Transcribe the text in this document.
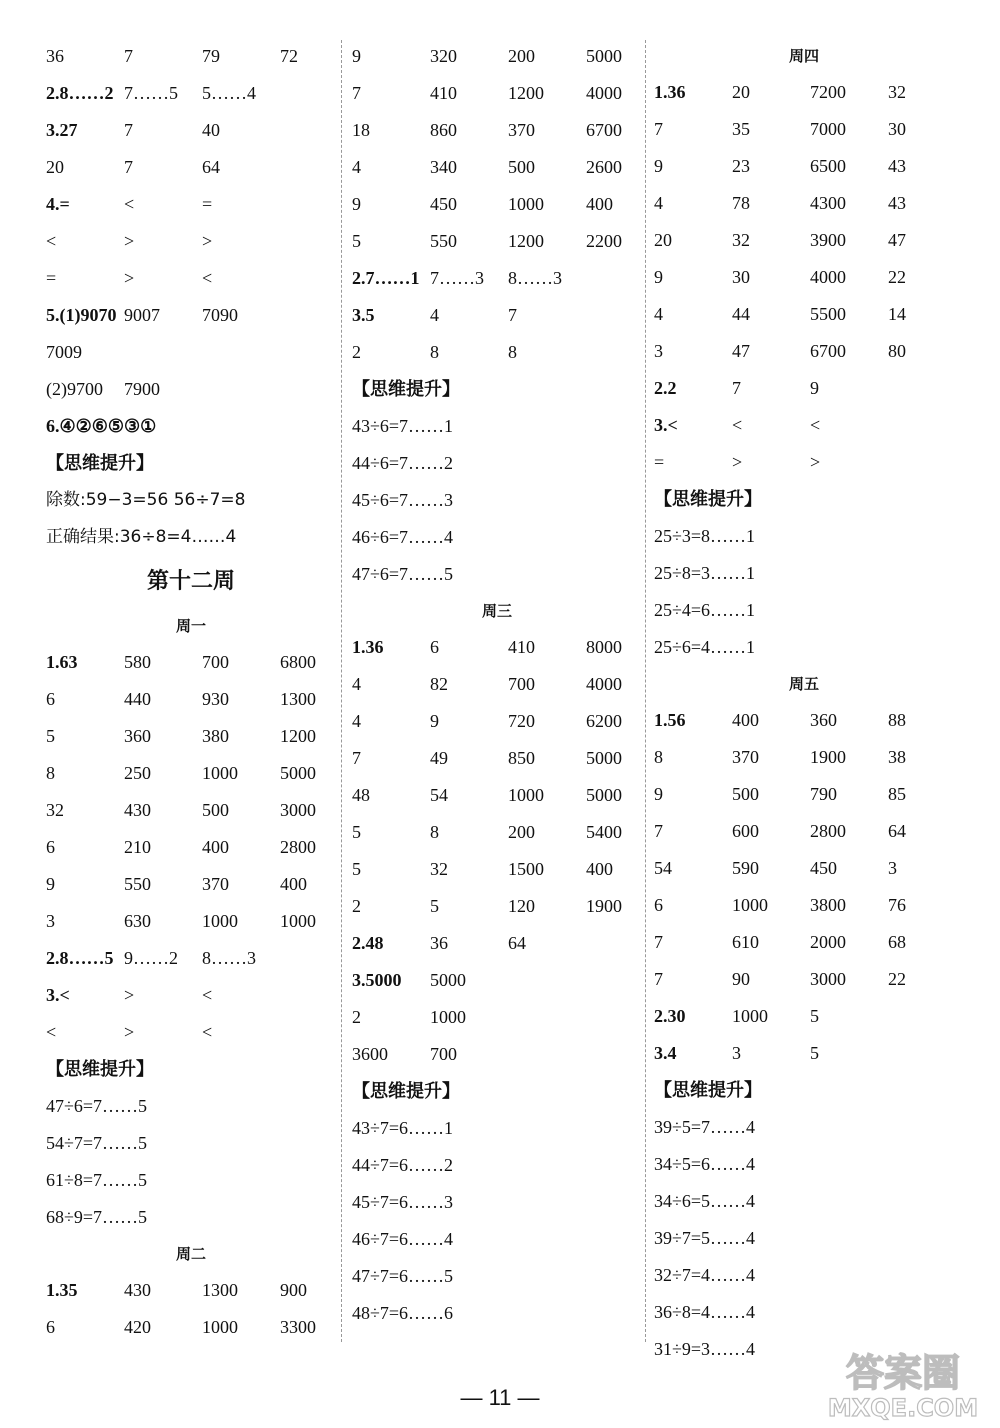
36	7	79	72
2.8……2 7……5 5……4
3.27	7	40
20	7	64
4.=	<	=
<	>	>
=	>	<
5.(1)9070 9007 7090
7009
(2)9700 7900
6.④②⑥⑤③①
【思维提升】
除数:59−3=56 56÷7=8
正确结果:36÷8=4……4
第十二周
周一
1.63	580	700	6800
6	440	930	1300
5	360	380	1200
8	250	1000 5000
32	430	500	3000
6	210	400	2800
9	550	370	400
3	630	1000 1000
2.8……5 9……2 8……3
3.<	>	<
<	>	<
【思维提升】
47÷6=7……5
54÷7=7……5
61÷8=7……5
68÷9=7……5
周二
1.35	430	1300 900
6	420	1000 3300
9	320	200	5000
7	410	1200 4000
18	860	370	6700
4	340	500	2600
9	450	1000 400
5	550	1200 2200
2.7……1 7……3 8……3
3.5	4	7
2	8	8
【思维提升】
43÷6=7……1
44÷6=7……2
45÷6=7……3
46÷6=7……4
47÷6=7……5
周三
1.36	6	410	8000
4	82	700	4000
4	9	720	6200
7	49	850	5000
48	54	1000 5000
5	8	200	5400
5	32	1500 400
2	5	120	1900
2.48	36	64
3.5000 5000
2	1000
3600 700
【思维提升】
43÷7=6……1
44÷7=6……2
45÷7=6……3
46÷7=6……4
47÷7=6……5
48÷7=6……6
周四
1.36	20	7200 32
7	35	7000 30
9	23	6500 43
4	78	4300 43
20	32	3900 47
9	30	4000 22
4	44	5500 14
3	47	6700 80
2.2	7	9
3.<	<	<
=	>	>
【思维提升】
25÷3=8……1
25÷8=3……1
25÷4=6……1
25÷6=4……1
周五
1.56	400	360	88
8	370	1900 38
9	500	790	85
7	600	2800 64
54	590	450	3
6	1000 3800 76
7	610	2000 68
7	90	3000 22
2.30	1000 5
3.4	3	5
【思维提升】
39÷5=7……4
34÷5=6……4
34÷6=5……4
39÷7=5……4
32÷7=4……4
36÷8=4……4
31÷9=3……4
— 11 —
答案圈
MXQE.COM
